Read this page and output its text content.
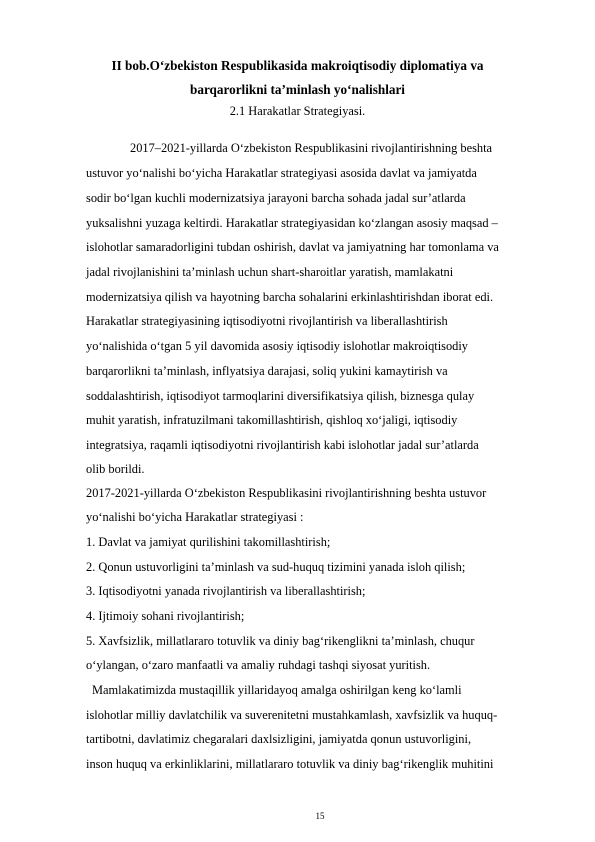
II bob.O‘zbekiston Respublikasida makroiqtisodiy diplomatiya va
barqarorlikni ta’minlash yo‘nalishlari
2.1 Harakatlar Strategiyasi.
2017–2021-yillarda O‘zbekiston Respublikasini rivojlantirishning beshta
ustuvor yo‘nalishi bo‘yicha Harakatlar strategiyasi asosida davlat va jamiyatda
sodir bo‘lgan kuchli modernizatsiya jarayoni barcha sohada jadal sur’atlarda
yuksalishni yuzaga keltirdi. Harakatlar strategiyasidan ko‘zlangan asosiy maqsad –
islohotlar samaradorligini tubdan oshirish, davlat va jamiyatning har tomonlama va
jadal rivojlanishini ta’minlash uchun shart-sharoitlar yaratish, mamlakatni
modernizatsiya qilish va hayotning barcha sohalarini erkinlashtirishdan iborat edi.
Harakatlar strategiyasining iqtisodiyotni rivojlantirish va liberallashtirish
yo‘nalishida o‘tgan 5 yil davomida asosiy iqtisodiy islohotlar makroiqtisodiy
barqarorlikni ta’minlash, inflyatsiya darajasi, soliq yukini kamaytirish va
soddalashtirish, iqtisodiyot tarmoqlarini diversifikatsiya qilish, biznesga qulay
muhit yaratish, infratuzilmani takomillashtirish, qishloq xo‘jaligi, iqtisodiy
integratsiya, raqamli iqtisodiyotni rivojlantirish kabi islohotlar jadal sur’atlarda
olib borildi.
2017-2021-yillarda O‘zbekiston Respublikasini rivojlantirishning beshta ustuvor
yo‘nalishi bo‘yicha Harakatlar strategiyasi :
1. Davlat va jamiyat qurilishini takomillashtirish;
2. Qonun ustuvorligini ta’minlash va sud-huquq tizimini yanada isloh qilish;
3. Iqtisodiyotni yanada rivojlantirish va liberallashtirish;
4. Ijtimoiy sohani rivojlantirish;
5. Xavfsizlik, millatlararo totuvlik va diniy bag‘rikenglikni ta’minlash, chuqur
o‘ylangan, o‘zaro manfaatli va amaliy ruhdagi tashqi siyosat yuritish.
Mamlakatimizda mustaqillik yillaridayoq amalga oshirilgan keng ko‘lamli
islohotlar milliy davlatchilik va suverenitetni mustahkamlash, xavfsizlik va huquq-
tartibotni, davlatimiz chegaralari daxlsizligini, jamiyatda qonun ustuvorligini,
inson huquq va erkinliklarini, millatlararo totuvlik va diniy bag‘rikenglik muhitini
15
